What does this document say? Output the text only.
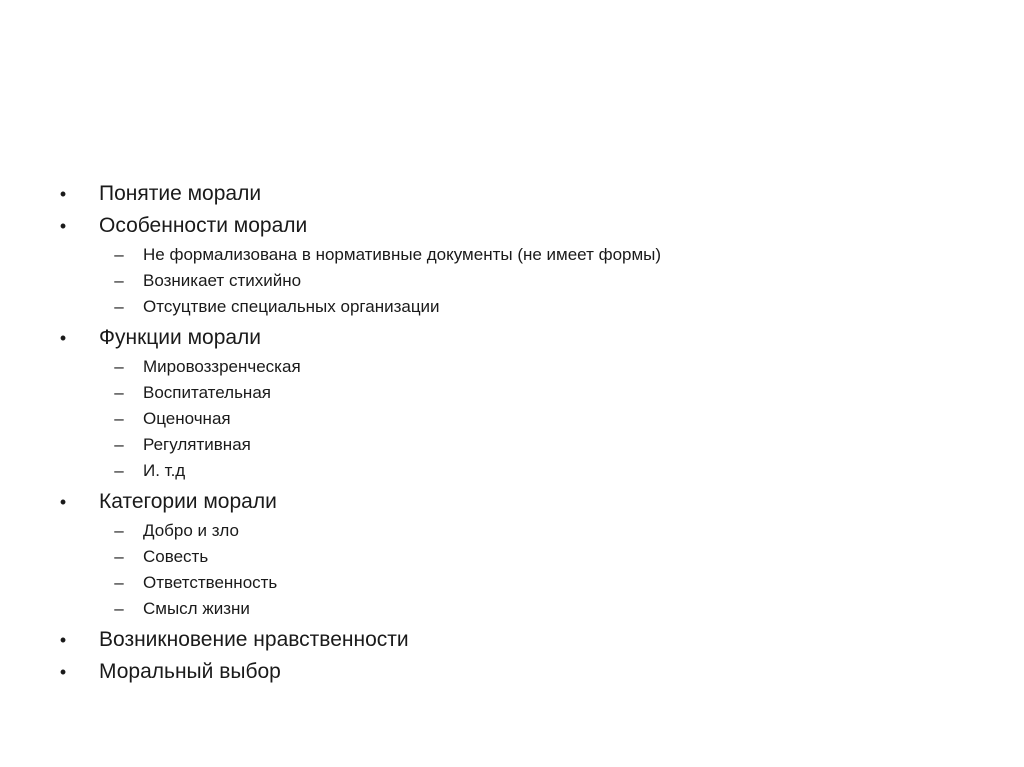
• Понятие морали
• Особенности морали
– Не формализована в нормативные документы (не имеет формы)
– Возникает стихийно
– Отсуцтвие специальных организации
• Функции морали
– Мировоззренческая
– Воспитательная
– Оценочная
– Регулятивная
– И. т.д
• Категории морали
– Добро и зло
– Совесть
– Ответственность
– Смысл жизни
• Возникновение нравственности
• Моральный выбор
